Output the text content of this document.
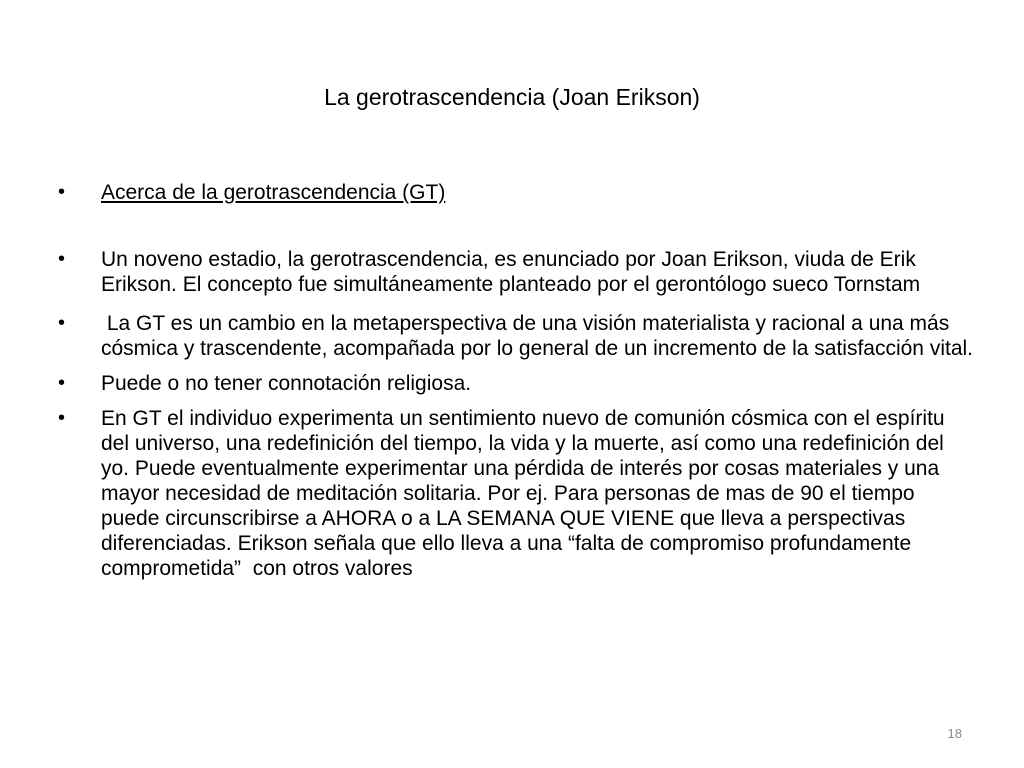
La gerotrascendencia (Joan Erikson)
•	Acerca de la gerotrascendencia (GT)
•	Un noveno estadio, la gerotrascendencia, es enunciado por Joan Erikson, viuda de Erik Erikson. El concepto fue simultáneamente planteado por el gerontólogo sueco Tornstam
•	La GT es un cambio en la metaperspectiva de una visión materialista y racional a una más cósmica y trascendente, acompañada por lo general de un incremento de la satisfacción vital.
•	Puede o no tener connotación religiosa.
•	En GT el individuo experimenta un sentimiento nuevo de comunión cósmica con el espíritu del universo, una redefinición del tiempo, la vida y la muerte, así como una redefinición del yo. Puede eventualmente experimentar una pérdida de interés por cosas materiales y una mayor necesidad de meditación solitaria. Por ej. Para personas de mas de 90 el tiempo puede circunscribirse a AHORA o a LA SEMANA QUE VIENE que lleva a perspectivas diferenciadas. Erikson señala que ello lleva a una “falta de compromiso profundamente comprometida”  con otros valores
18
